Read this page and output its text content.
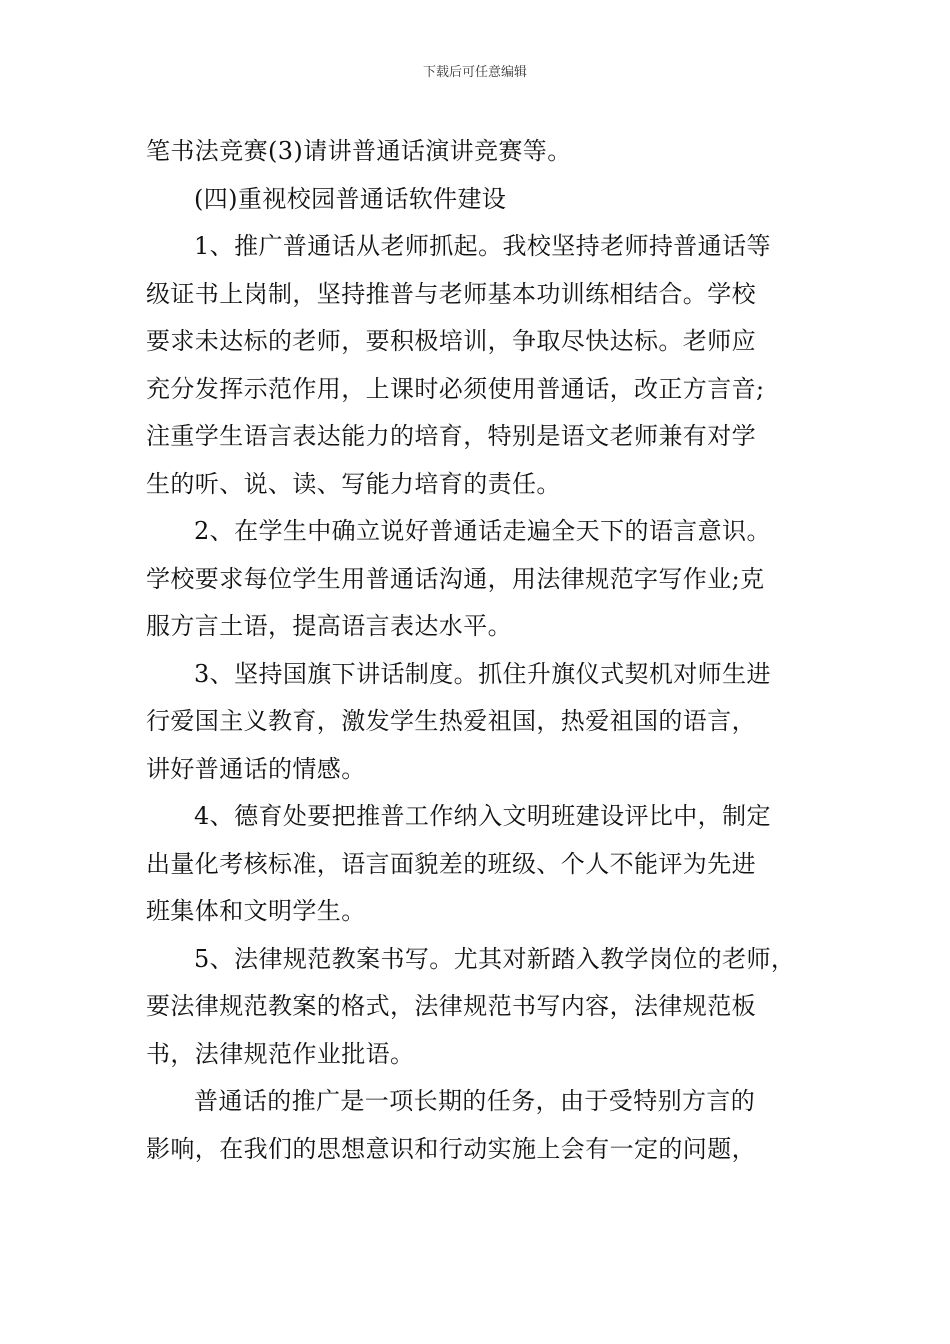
下载后可任意编辑

笔书法竞赛(3)请讲普通话演讲竞赛等。

(四)重视校园普通话软件建设

1、推广普通话从老师抓起。我校坚持老师持普通话等
级证书上岗制，坚持推普与老师基本功训练相结合。学校
要求未达标的老师，要积极培训，争取尽快达标。老师应
充分发挥示范作用，上课时必须使用普通话，改正方言音;
注重学生语言表达能力的培育，特别是语文老师兼有对学
生的听、说、读、写能力培育的责任。

2、在学生中确立说好普通话走遍全天下的语言意识。
学校要求每位学生用普通话沟通，用法律规范字写作业;克
服方言土语，提高语言表达水平。

3、坚持国旗下讲话制度。抓住升旗仪式契机对师生进
行爱国主义教育，激发学生热爱祖国，热爱祖国的语言，
讲好普通话的情感。

4、德育处要把推普工作纳入文明班建设评比中，制定
出量化考核标准，语言面貌差的班级、个人不能评为先进
班集体和文明学生。

5、法律规范教案书写。尤其对新踏入教学岗位的老师，
要法律规范教案的格式，法律规范书写内容，法律规范板
书，法律规范作业批语。

普通话的推广是一项长期的任务，由于受特别方言的
影响，在我们的思想意识和行动实施上会有一定的问题，
